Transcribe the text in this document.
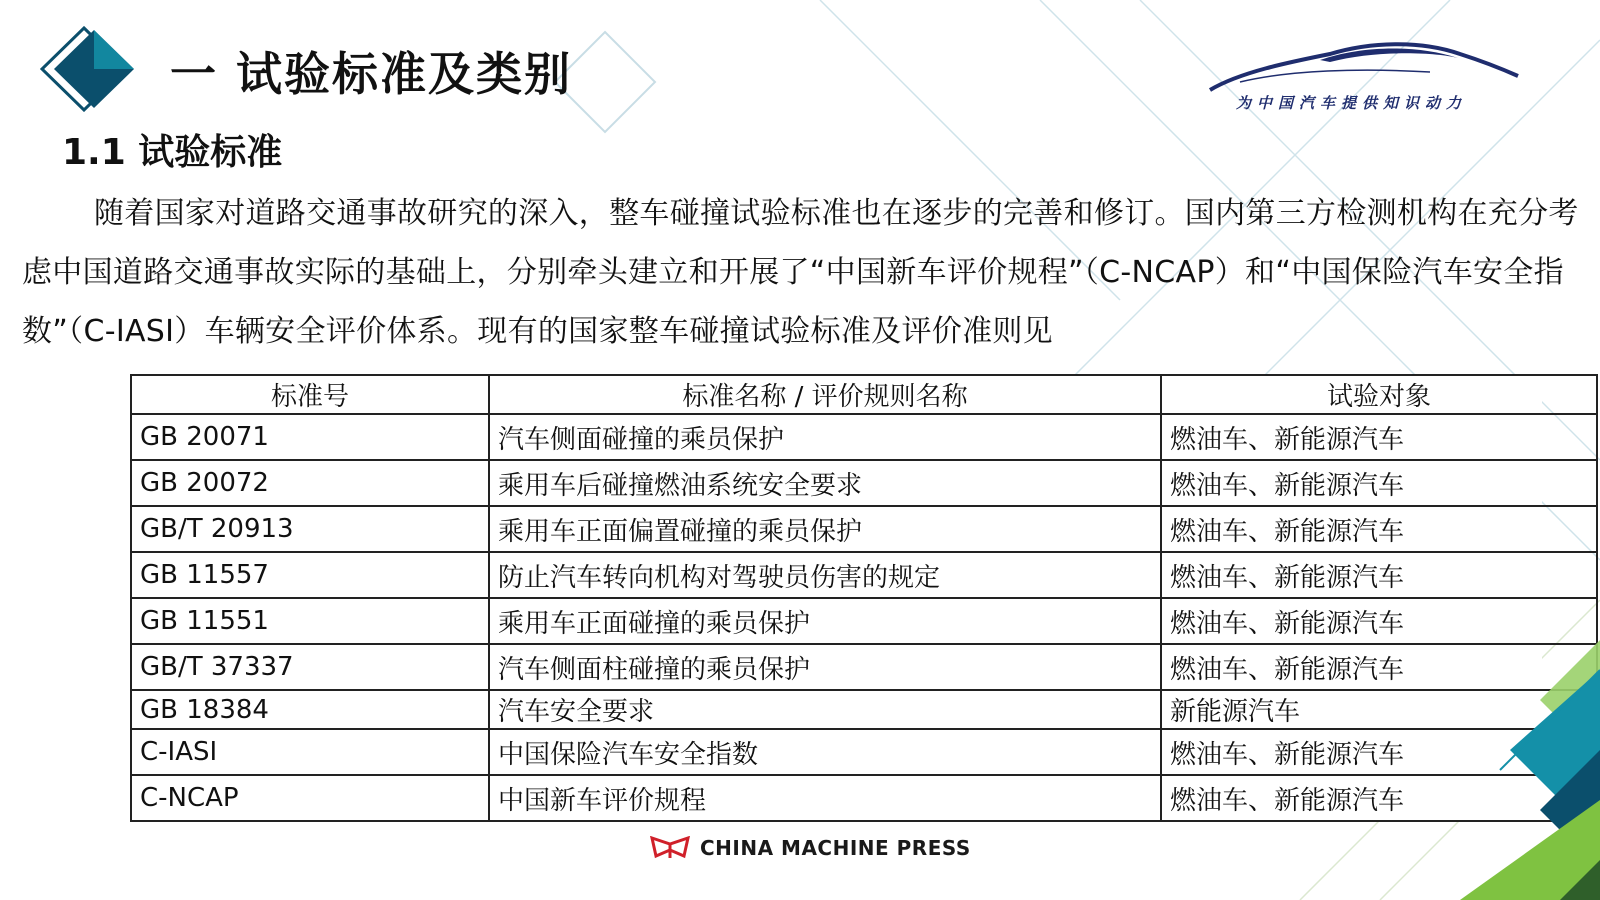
一 试验标准及类别
1.1 试验标准
为中国汽车提供知识动力

随着国家对道路交通事故研究的深入，整车碰撞试验标准也在逐步的完善和修订。国内第三方检测机构在充分考虑中国道路交通事故实际的基础上，分别牵头建立和开展了“中国新车评价规程”（C-NCAP）和“中国保险汽车安全指数”（C-IASI）车辆安全评价体系。现有的国家整车碰撞试验标准及评价准则见

标准号	标准名称 / 评价规则名称	试验对象
GB 20071	汽车侧面碰撞的乘员保护	燃油车、新能源汽车
GB 20072	乘用车后碰撞燃油系统安全要求	燃油车、新能源汽车
GB/T 20913	乘用车正面偏置碰撞的乘员保护	燃油车、新能源汽车
GB 11557	防止汽车转向机构对驾驶员伤害的规定	燃油车、新能源汽车
GB 11551	乘用车正面碰撞的乘员保护	燃油车、新能源汽车
GB/T 37337	汽车侧面柱碰撞的乘员保护	燃油车、新能源汽车
GB 18384	汽车安全要求	新能源汽车
C-IASI	中国保险汽车安全指数	燃油车、新能源汽车
C-NCAP	中国新车评价规程	燃油车、新能源汽车
CHINA MACHINE PRESS
